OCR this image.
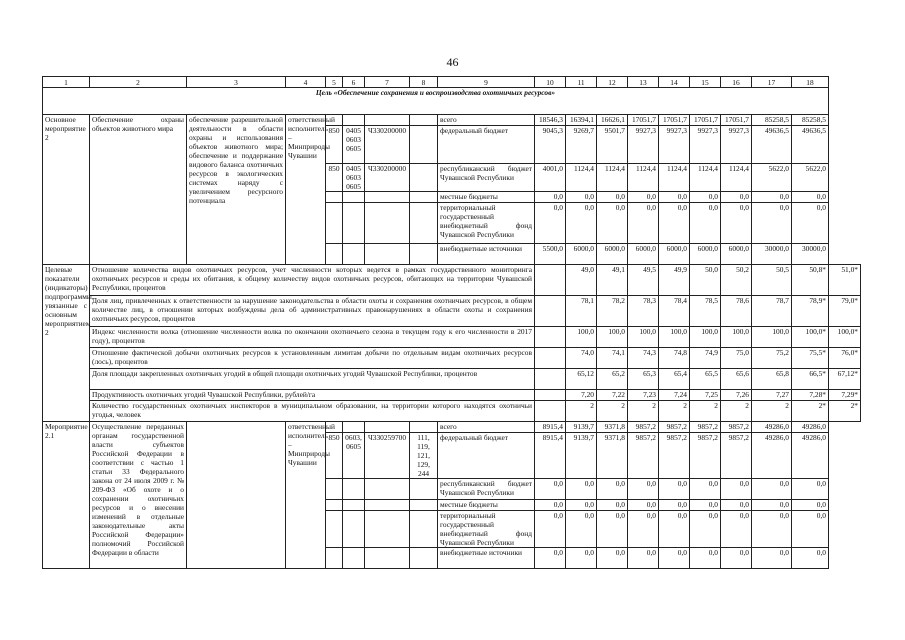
46
1	2	3	4	5	6	7	8	9	10	11	12	13	14	15	16	17	18	
Цель «Обеспечение сохранения и воспроизводства охотничьих ресурсов»																		
Основное мероприятие 2	Обеспечение охраны объектов животного мира	обеспечение разрешительной деятельности в области охраны и использования объектов животного мира; обеспечение и поддержание видового баланса охотничьих ресурсов в экологических системах наряду с увеличением ресурсного потенциала	ответственный исполнитель – Минприроды Чувашии					всего	18546,3	16394,1	16626,1	17051,7	17051,7	17051,7	17051,7	85258,5	85258,5	
				850	0405 0603 0605	Ч330200000		федеральный бюджет	9045,3	9269,7	9501,7	9927,3	9927,3	9927,3	9927,3	49636,5	49636,5	
				850	0405 0603 0605	Ч330200000		республиканский бюджет Чувашской Республики	4001,0	1124,4	1124,4	1124,4	1124,4	1124,4	1124,4	5622,0	5622,0	
								местные бюджеты	0,0	0,0	0,0	0,0	0,0	0,0	0,0	0,0	0,0	
								территориальный государственный внебюджетный фонд Чувашской Республики	0,0	0,0	0,0	0,0	0,0	0,0	0,0	0,0	0,0	
								внебюджетные источники	5500,0	6000,0	6000,0	6000,0	6000,0	6000,0	6000,0	30000,0	30000,0	
Целевые показатели (индикаторы) подпрограммы, увязанные с основным мероприятием 2	Отношение количества видов охотничьих ресурсов, учет численности которых ведется в рамках государственного мониторинга охотничьих ресурсов и среды их обитания, к общему количеству видов охотничьих ресурсов, обитающих на территории Чувашской Республики, процентов									49,0	49,1	49,5	49,9	50,0	50,2	50,5	50,8*	51,0*
	Доля лиц, привлеченных к ответственности за нарушение законодательства в области охоты и сохранения охотничьих ресурсов, в общем количестве лиц, в отношении которых возбуждены дела об административных правонарушениях в области охоты и сохранения охотничьих ресурсов, процентов									78,1	78,2	78,3	78,4	78,5	78,6	78,7	78,9*	79,0*
	Индекс численности волка (отношение численности волка по окончании охотничьего сезона в текущем году к его численности в 2017 году), процентов									100,0	100,0	100,0	100,0	100,0	100,0	100,0	100,0*	100,0*
	Отношение фактической добычи охотничьих ресурсов к установленным лимитам добычи по отдельным видам охотничьих ресурсов (лось), процентов									74,0	74,1	74,3	74,8	74,9	75,0	75,2	75,5*	76,0*
	Доля площади закрепленных охотничьих угодий в общей площади охотничьих угодий Чувашской Республики, процентов									65,12	65,2	65,3	65,4	65,5	65,6	65,8	66,5*	67,12*
	Продуктивность охотничьих угодий Чувашской Республики, рублей/га									7,20	7,22	7,23	7,24	7,25	7,26	7,27	7,28*	7,29*
	Количество государственных охотничьих инспекторов в муниципальном образовании, на территории которого находятся охотничьи угодья, человек									2	2	2	2	2	2	2	2*	2*
Мероприятие 2.1	Осуществление переданных органам государственной власти субъектов Российской Федерации в соответствии с частью 1 статьи 33 Федерального закона от 24 июля 2009 г. № 209-ФЗ «Об охоте и о сохранении охотничьих ресурсов и о внесении изменений в отдельные законодательные акты Российской Федерации» полномочий Российской Федерации в области		ответственный исполнитель – Минприроды Чувашии					всего	8915,4	9139,7	9371,8	9857,2	9857,2	9857,2	9857,2	49286,0	49286,0	
				850	0603, 0605	Ч330259700	111, 119, 121, 129, 244	федеральный бюджет	8915,4	9139,7	9371,8	9857,2	9857,2	9857,2	9857,2	49286,0	49286,0	
								республиканский бюджет Чувашской Республики	0,0	0,0	0,0	0,0	0,0	0,0	0,0	0,0	0,0	
								местные бюджеты	0,0	0,0	0,0	0,0	0,0	0,0	0,0	0,0	0,0	
								территориальный государственный внебюджетный фонд Чувашской Республики	0,0	0,0	0,0	0,0	0,0	0,0	0,0	0,0	0,0	
								внебюджетные источники	0,0	0,0	0,0	0,0	0,0	0,0	0,0	0,0	0,0	
